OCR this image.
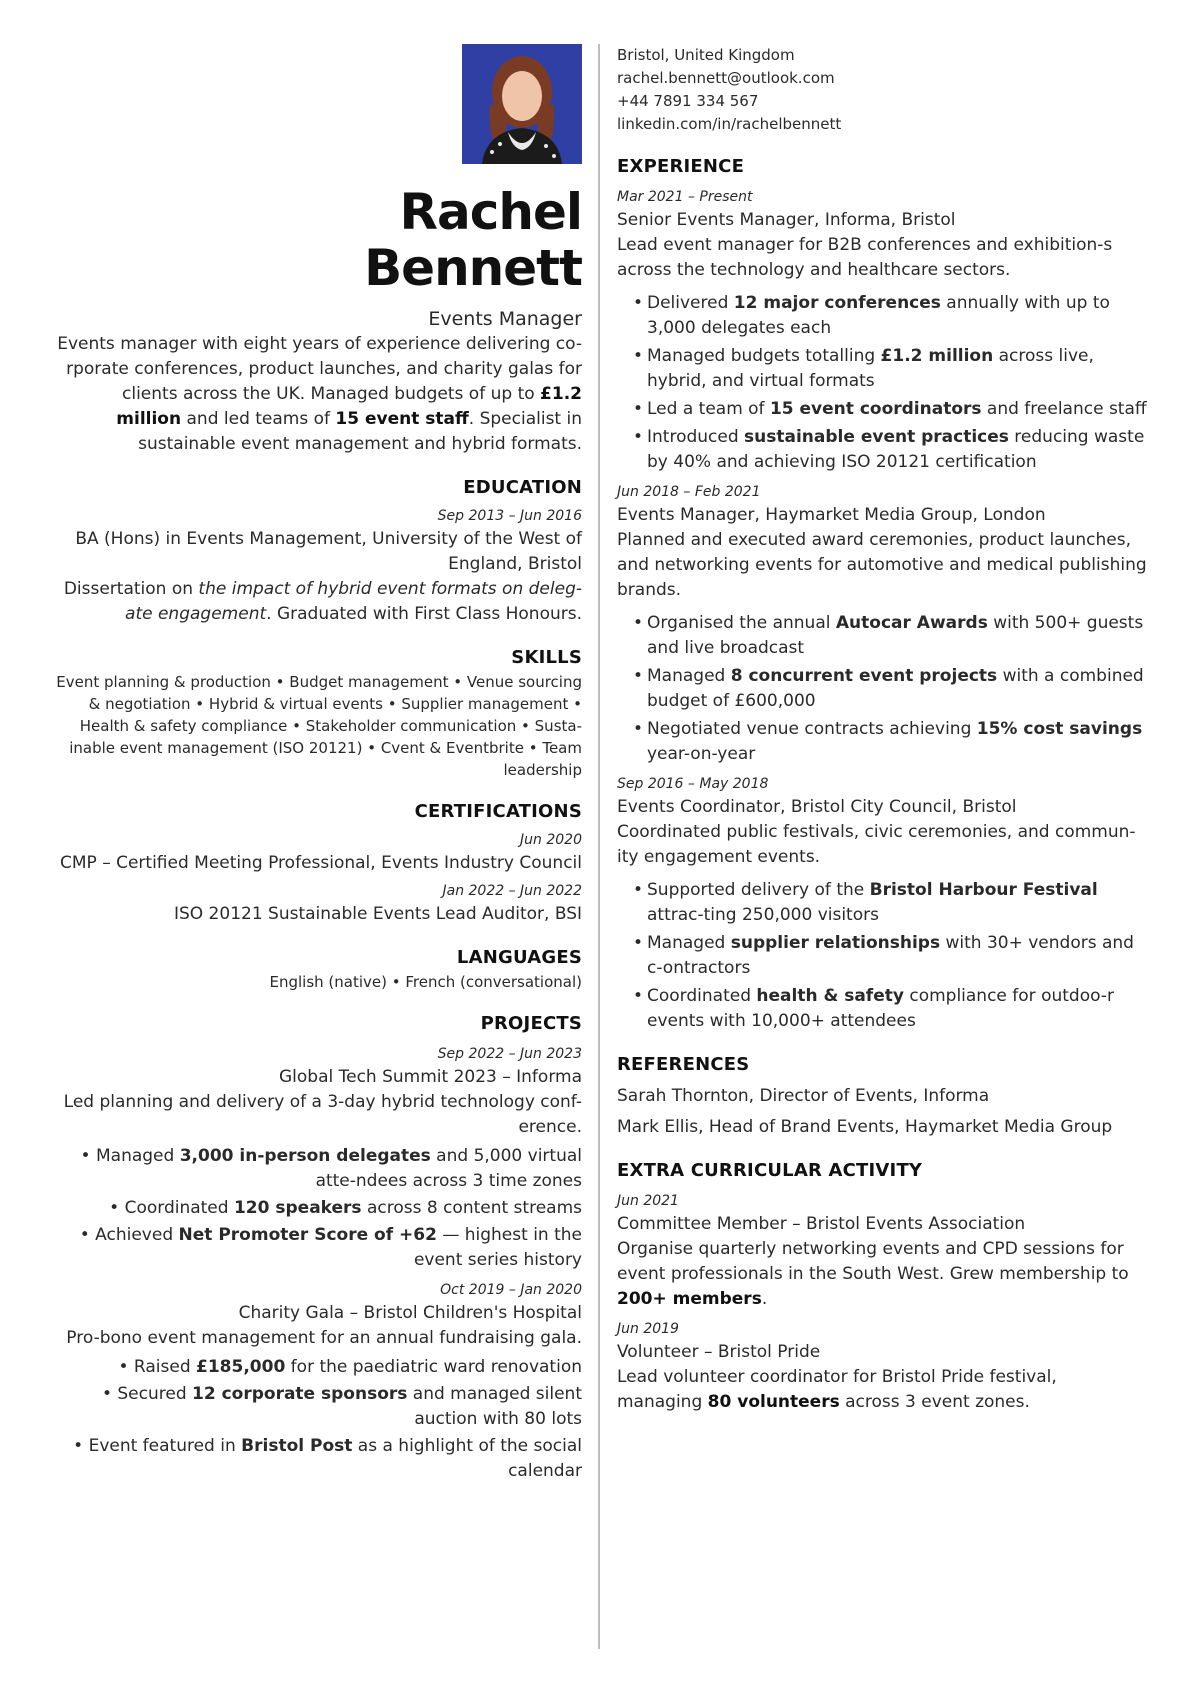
Rachel
Bennett
Events Manager
Events manager with eight years of experience delivering co-rporate conferences, product launches, and charity galas for clients across the UK. Managed budgets of up to £1.2 million and led teams of 15 event staff. Specialist in sustainable event management and hybrid formats.
EDUCATION
Sep 2013 – Jun 2016
BA (Hons) in Events Management, University of the West of England, Bristol
Dissertation on the impact of hybrid event formats on deleg-ate engagement. Graduated with First Class Honours.
SKILLS
Event planning & production • Budget management • Venue sourcing & negotiation • Hybrid & virtual events • Supplier management • Health & safety compliance • Stakeholder communication • Susta-inable event management (ISO 20121) • Cvent & Eventbrite • Team leadership
CERTIFICATIONS
Jun 2020
CMP – Certified Meeting Professional, Events Industry Council
Jan 2022 – Jun 2022
ISO 20121 Sustainable Events Lead Auditor, BSI
LANGUAGES
English (native) • French (conversational)
PROJECTS
Sep 2022 – Jun 2023
Global Tech Summit 2023 – Informa
Led planning and delivery of a 3-day hybrid technology conf-erence.
• Managed 3,000 in-person delegates and 5,000 virtual atte-ndees across 3 time zones
• Coordinated 120 speakers across 8 content streams
• Achieved Net Promoter Score of +62 — highest in the event series history
Oct 2019 – Jan 2020
Charity Gala – Bristol Children's Hospital
Pro-bono event management for an annual fundraising gala.
• Raised £185,000 for the paediatric ward renovation
• Secured 12 corporate sponsors and managed silent auction with 80 lots
• Event featured in Bristol Post as a highlight of the social calendar
Bristol, United Kingdom
rachel.bennett@outlook.com
+44 7891 334 567
linkedin.com/in/rachelbennett
EXPERIENCE
Mar 2021 – Present
Senior Events Manager, Informa, Bristol
Lead event manager for B2B conferences and exhibition-s across the technology and healthcare sectors.
• Delivered 12 major conferences annually with up to 3,000 delegates each
• Managed budgets totalling £1.2 million across live, hybrid, and virtual formats
• Led a team of 15 event coordinators and freelance staff
• Introduced sustainable event practices reducing waste by 40% and achieving ISO 20121 certification
Jun 2018 – Feb 2021
Events Manager, Haymarket Media Group, London
Planned and executed award ceremonies, product launches, and networking events for automotive and medical publishing brands.
• Organised the annual Autocar Awards with 500+ guests and live broadcast
• Managed 8 concurrent event projects with a combined budget of £600,000
• Negotiated venue contracts achieving 15% cost savings year-on-year
Sep 2016 – May 2018
Events Coordinator, Bristol City Council, Bristol
Coordinated public festivals, civic ceremonies, and commun-ity engagement events.
• Supported delivery of the Bristol Harbour Festival attrac-ting 250,000 visitors
• Managed supplier relationships with 30+ vendors and c-ontractors
• Coordinated health & safety compliance for outdoo-r events with 10,000+ attendees
REFERENCES
Sarah Thornton, Director of Events, Informa
Mark Ellis, Head of Brand Events, Haymarket Media Group
EXTRA CURRICULAR ACTIVITY
Jun 2021
Committee Member – Bristol Events Association
Organise quarterly networking events and CPD sessions for event professionals in the South West. Grew membership to 200+ members.
Jun 2019
Volunteer – Bristol Pride
Lead volunteer coordinator for Bristol Pride festival, managing 80 volunteers across 3 event zones.
